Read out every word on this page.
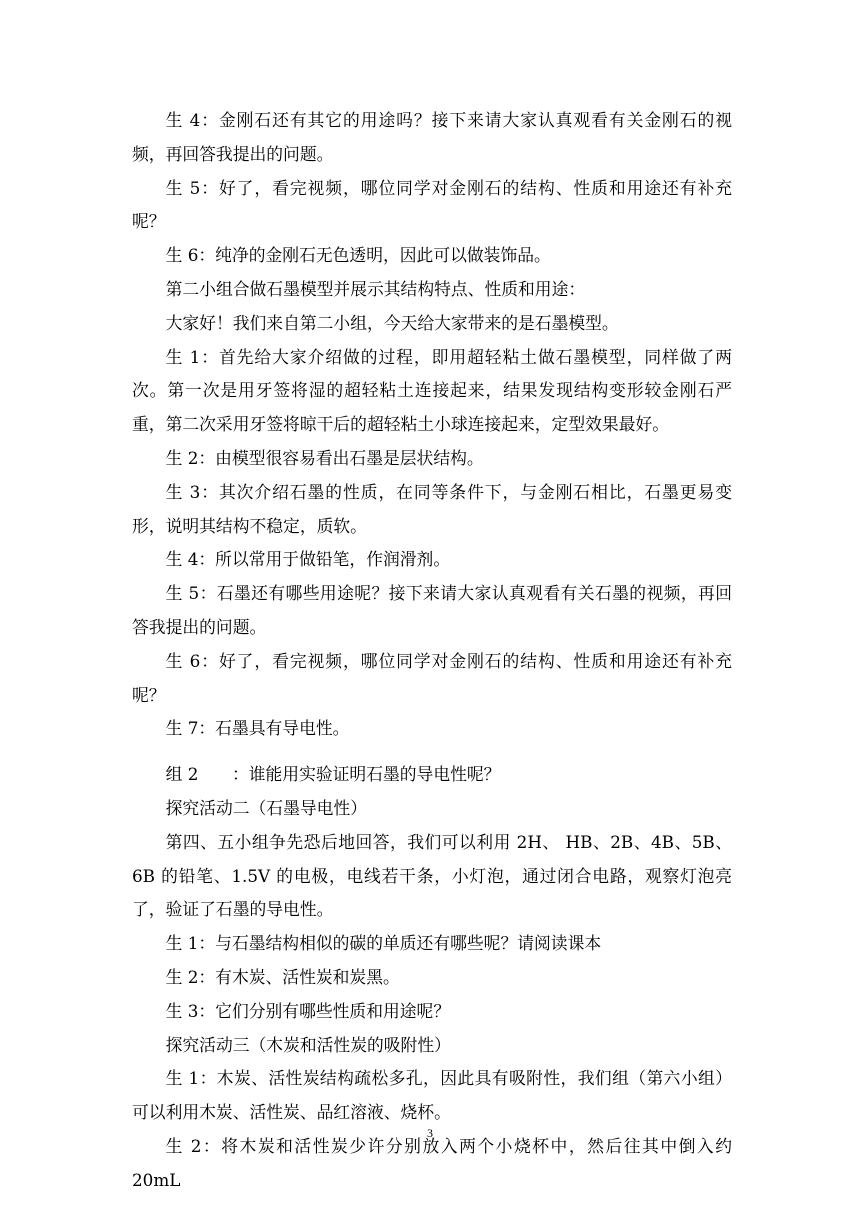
生 4：金刚石还有其它的用途吗？接下来请大家认真观看有关金刚石的视频，再回答我提出的问题。

生 5：好了，看完视频，哪位同学对金刚石的结构、性质和用途还有补充呢？

生 6：纯净的金刚石无色透明，因此可以做装饰品。

第二小组合做石墨模型并展示其结构特点、性质和用途：

大家好！我们来自第二小组，今天给大家带来的是石墨模型。

生 1：首先给大家介绍做的过程，即用超轻粘土做石墨模型，同样做了两次。第一次是用牙签将湿的超轻粘土连接起来，结果发现结构变形较金刚石严重，第二次采用牙签将晾干后的超轻粘土小球连接起来，定型效果最好。

生 2：由模型很容易看出石墨是层状结构。

生 3：其次介绍石墨的性质，在同等条件下，与金刚石相比，石墨更易变形，说明其结构不稳定，质软。

生 4：所以常用于做铅笔，作润滑剂。

生 5：石墨还有哪些用途呢？接下来请大家认真观看有关石墨的视频，再回答我提出的问题。

生 6：好了，看完视频，哪位同学对金刚石的结构、性质和用途还有补充呢？

生 7：石墨具有导电性。

组 2　　：谁能用实验证明石墨的导电性呢？

探究活动二（石墨导电性）

第四、五小组争先恐后地回答，我们可以利用 2H、 HB、2B、4B、5B、6B 的铅笔、1.5V 的电极，电线若干条，小灯泡，通过闭合电路，观察灯泡亮了，验证了石墨的导电性。

生 1：与石墨结构相似的碳的单质还有哪些呢？请阅读课本

生 2：有木炭、活性炭和炭黑。

生 3：它们分别有哪些性质和用途呢？

探究活动三（木炭和活性炭的吸附性）

生 1：木炭、活性炭结构疏松多孔，因此具有吸附性，我们组（第六小组）可以利用木炭、活性炭、品红溶液、烧杯。

生 2：将木炭和活性炭少许分别放入两个小烧杯中，然后往其中倒入约 20mL

3
